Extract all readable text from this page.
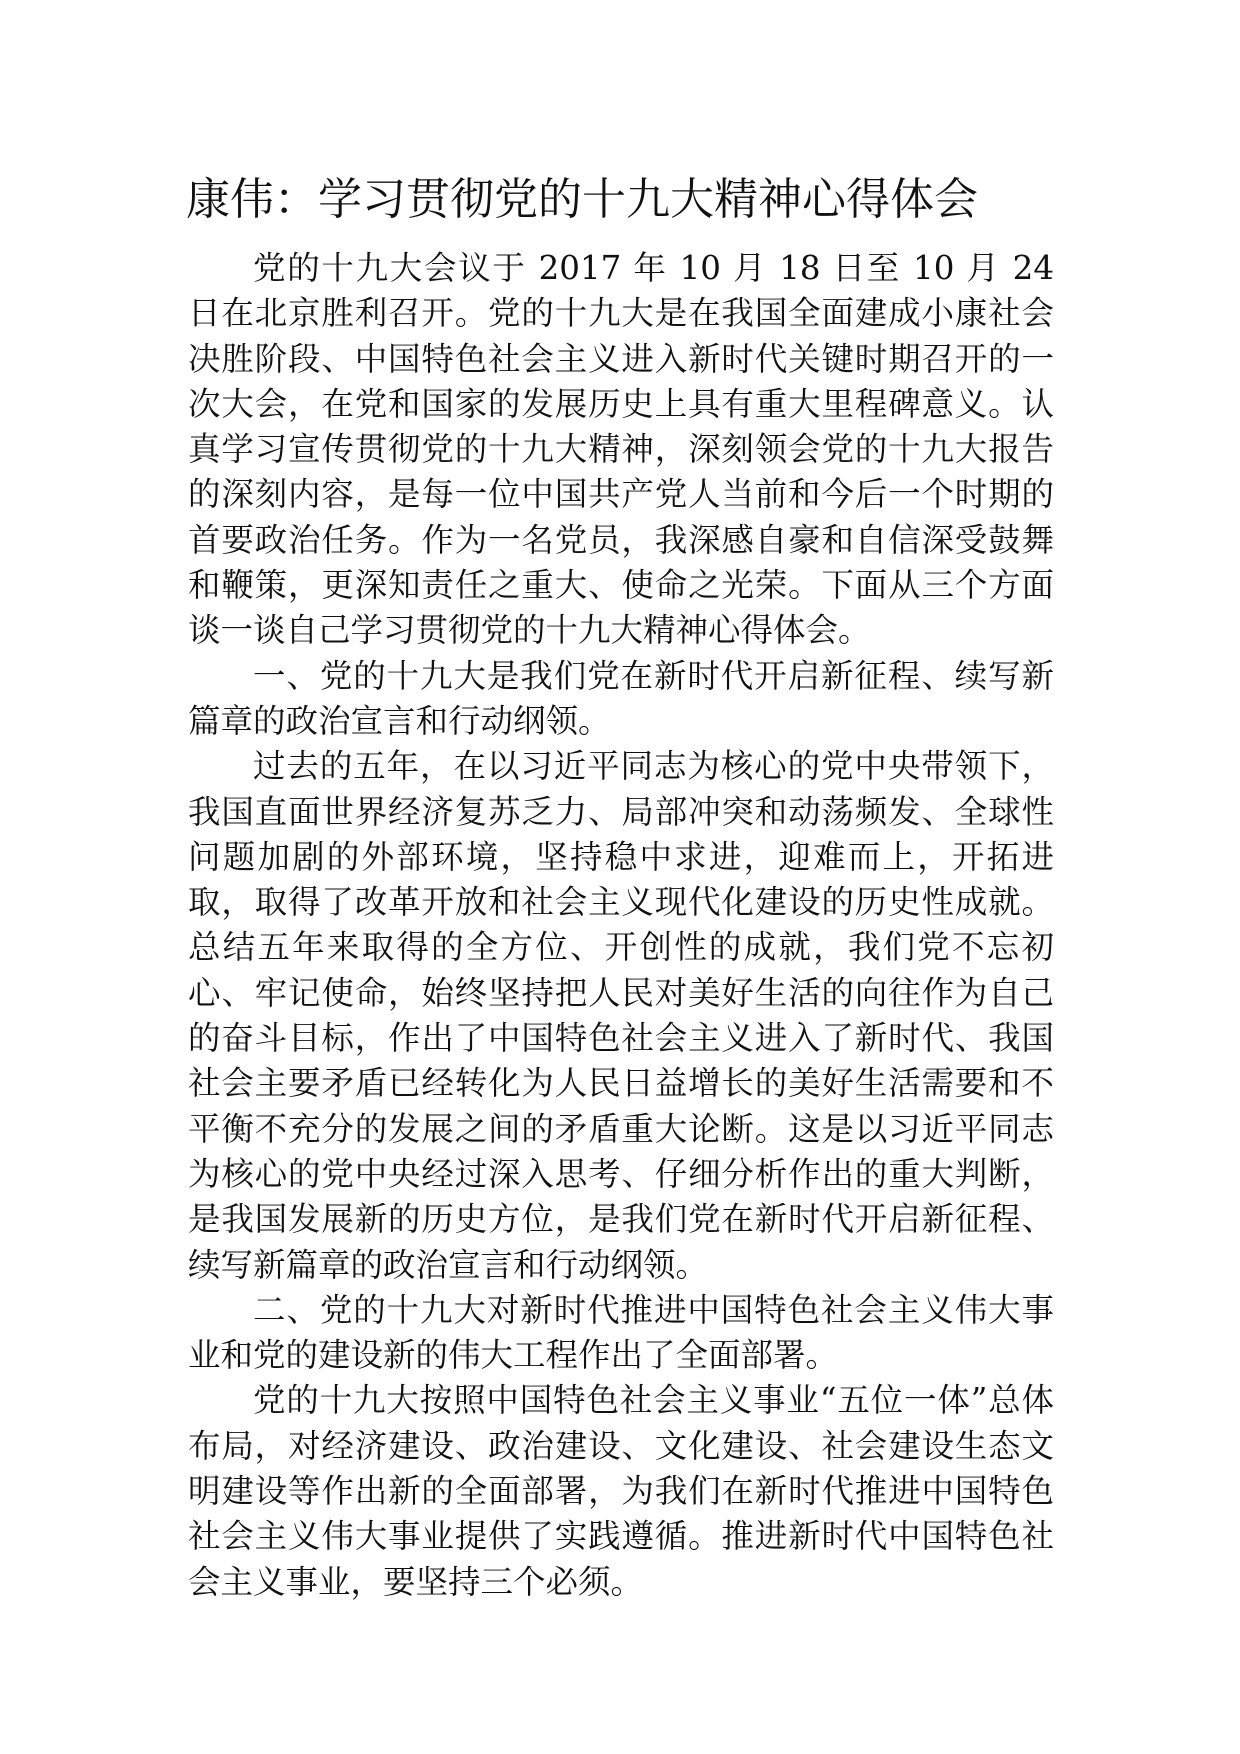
康伟：学习贯彻党的十九大精神心得体会

党的十九大会议于 2017 年 10 月 18 日至 10 月 24 日在北京胜利召开。党的十九大是在我国全面建成小康社会决胜阶段、中国特色社会主义进入新时代关键时期召开的一次大会，在党和国家的发展历史上具有重大里程碑意义。认真学习宣传贯彻党的十九大精神，深刻领会党的十九大报告的深刻内容，是每一位中国共产党人当前和今后一个时期的首要政治任务。作为一名党员，我深感自豪和自信深受鼓舞和鞭策，更深知责任之重大、使命之光荣。下面从三个方面谈一谈自己学习贯彻党的十九大精神心得体会。

一、党的十九大是我们党在新时代开启新征程、续写新篇章的政治宣言和行动纲领。

过去的五年，在以习近平同志为核心的党中央带领下，我国直面世界经济复苏乏力、局部冲突和动荡频发、全球性问题加剧的外部环境，坚持稳中求进，迎难而上，开拓进取，取得了改革开放和社会主义现代化建设的历史性成就。总结五年来取得的全方位、开创性的成就，我们党不忘初心、牢记使命，始终坚持把人民对美好生活的向往作为自己的奋斗目标，作出了中国特色社会主义进入了新时代、我国社会主要矛盾已经转化为人民日益增长的美好生活需要和不平衡不充分的发展之间的矛盾重大论断。这是以习近平同志为核心的党中央经过深入思考、仔细分析作出的重大判断，是我国发展新的历史方位，是我们党在新时代开启新征程、续写新篇章的政治宣言和行动纲领。

二、党的十九大对新时代推进中国特色社会主义伟大事业和党的建设新的伟大工程作出了全面部署。

党的十九大按照中国特色社会主义事业“五位一体”总体布局，对经济建设、政治建设、文化建设、社会建设生态文明建设等作出新的全面部署，为我们在新时代推进中国特色社会主义伟大事业提供了实践遵循。推进新时代中国特色社会主义事业，要坚持三个必须。
